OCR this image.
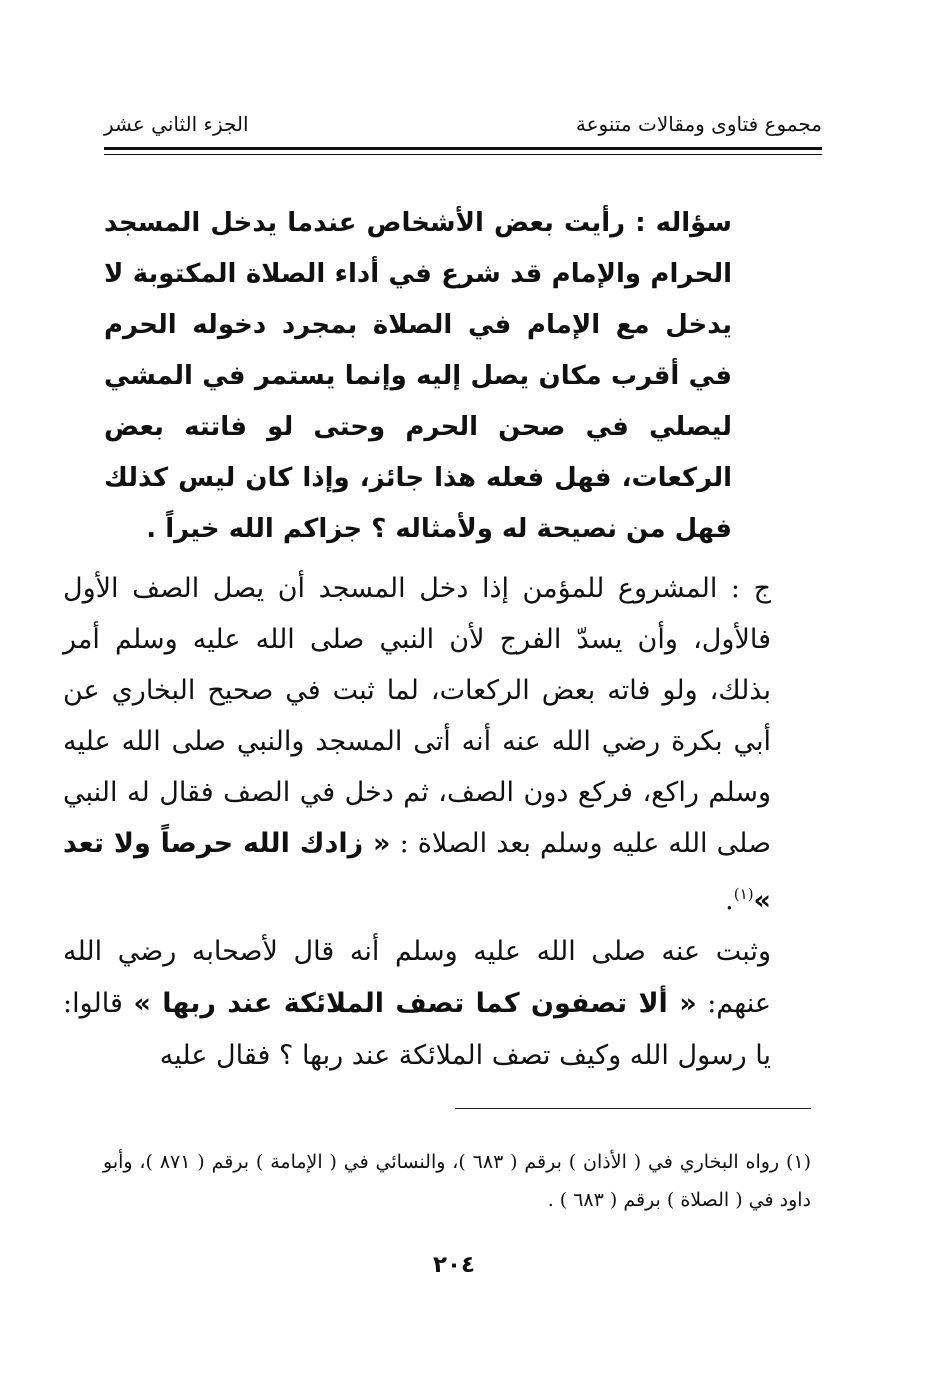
مجموع فتاوى ومقالات متنوعة
الجزء الثاني عشر
سؤاله : رأيت بعض الأشخاص عندما يدخل المسجد الحرام والإمام قد شرع في أداء الصلاة المكتوبة لا يدخل مع الإمام في الصلاة بمجرد دخوله الحرم في أقرب مكان يصل إليه وإنما يستمر في المشي ليصلي في صحن الحرم وحتى لو فاتته بعض الركعات، فهل فعله هذا جائز، وإذا كان ليس كذلك فهل من نصيحة له ولأمثاله ؟ جزاكم الله خيراً .
ج : المشروع للمؤمن إذا دخل المسجد أن يصل الصف الأول فالأول، وأن يسدّ الفرج لأن النبي صلى الله عليه وسلم أمر بذلك، ولو فاته بعض الركعات، لما ثبت في صحيح البخاري عن أبي بكرة رضي الله عنه أنه أتى المسجد والنبي صلى الله عليه وسلم راكع، فركع دون الصف، ثم دخل في الصف فقال له النبي صلى الله عليه وسلم بعد الصلاة : « زادك الله حرصاً ولا تعد »$^{(١)}$.
وثبت عنه صلى الله عليه وسلم أنه قال لأصحابه رضي الله عنهم: « ألا تصفون كما تصف الملائكة عند ربها » قالوا: يا رسول الله وكيف تصف الملائكة عند ربها ؟ فقال عليه
(١) رواه البخاري في ( الأذان ) برقم ( ٦٨٣ )، والنسائي في ( الإمامة ) برقم ( ٨٧١ )، وأبو داود في ( الصلاة ) برقم ( ٦٨٣ ) .
٢٠٤
